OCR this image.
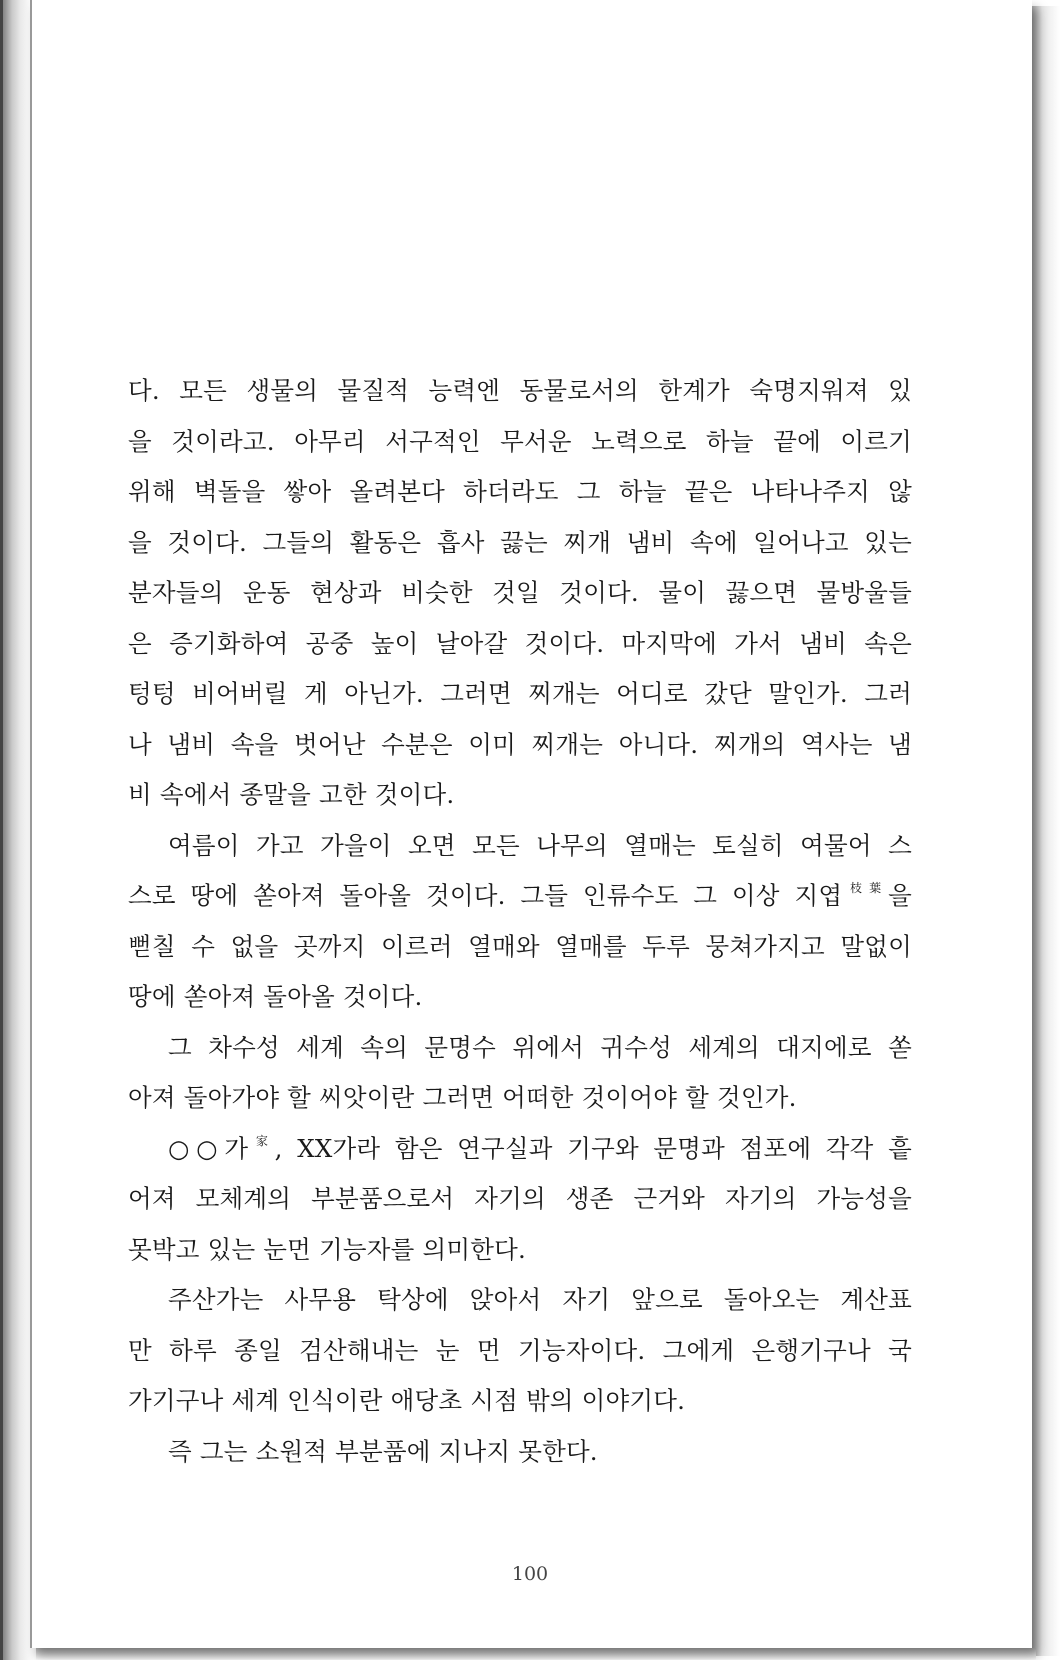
다. 모든 생물의 물질적 능력엔 동물로서의 한계가 숙명지워져 있
을 것이라고. 아무리 서구적인 무서운 노력으로 하늘 끝에 이르기
위해 벽돌을 쌓아 올려본다 하더라도 그 하늘 끝은 나타나주지 않
을 것이다. 그들의 활동은 흡사 끓는 찌개 냄비 속에 일어나고 있는
분자들의 운동 현상과 비슷한 것일 것이다. 물이 끓으면 물방울들
은 증기화하여 공중 높이 날아갈 것이다. 마지막에 가서 냄비 속은
텅텅 비어버릴 게 아닌가. 그러면 찌개는 어디로 갔단 말인가. 그러
나 냄비 속을 벗어난 수분은 이미 찌개는 아니다. 찌개의 역사는 냄
비 속에서 종말을 고한 것이다.
여름이 가고 가을이 오면 모든 나무의 열매는 토실히 여물어 스
스로 땅에 쏟아져 돌아올 것이다. 그들 인류수도 그 이상 지엽$^{枝葉}$을
뻗칠 수 없을 곳까지 이르러 열매와 열매를 두루 뭉쳐가지고 말없이
땅에 쏟아져 돌아올 것이다.
그 차수성 세계 속의 문명수 위에서 귀수성 세계의 대지에로 쏟
아져 돌아가야 할 씨앗이란 그러면 어떠한 것이어야 할 것인가.
○○가$^家$, XX가라 함은 연구실과 기구와 문명과 점포에 각각 흩
어져 모체계의 부분품으로서 자기의 생존 근거와 자기의 가능성을
못박고 있는 눈먼 기능자를 의미한다.
주산가는 사무용 탁상에 앉아서 자기 앞으로 돌아오는 계산표
만 하루 종일 검산해내는 눈 먼 기능자이다. 그에게 은행기구나 국
가기구나 세계 인식이란 애당초 시점 밖의 이야기다.
즉 그는 소원적 부분품에 지나지 못한다.
100
